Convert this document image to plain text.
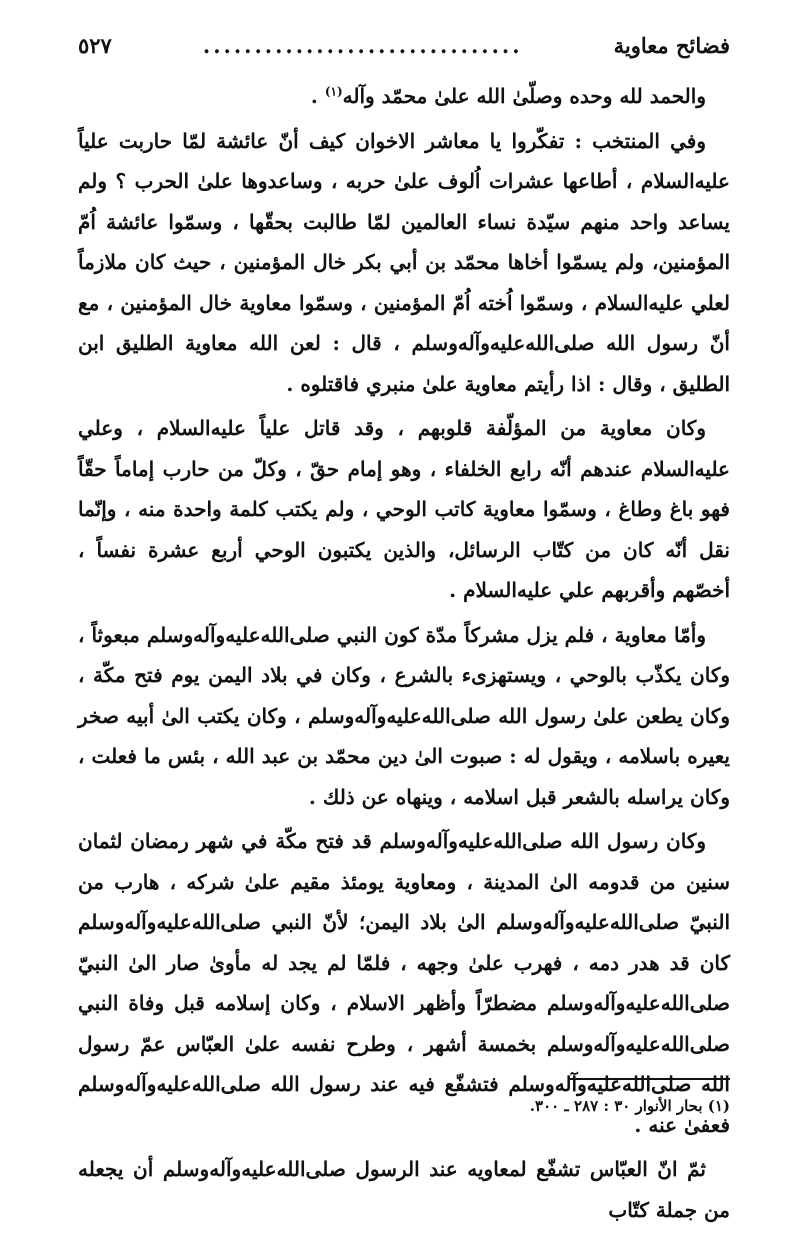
فضائح معاوية
...............................
٥٢٧

والحمد لله وحده وصلّىٰ الله علىٰ محمّد وآله$^{(١)}$ .

وفي المنتخب : تفكّروا يا معاشر الاخوان كيف أنّ عائشة لمّا حاربت علياً عليه‌السلام ، أطاعها عشرات اُلوف علىٰ حربه ، وساعدوها علىٰ الحرب ؟ ولم يساعد واحد منهم سيّدة نساء العالمين لمّا طالبت بحقّها ، وسمّوا عائشة اُمّ المؤمنين، ولم يسمّوا أخاها محمّد بن أبي بكر خال المؤمنين ، حيث كان ملازماً لعلي عليه‌السلام ، وسمّوا اُخته اُمّ المؤمنين ، وسمّوا معاوية خال المؤمنين ، مع أنّ رسول الله صلى‌الله‌عليه‌وآله‌وسلم ، قال : لعن الله معاوية الطليق ابن الطليق ، وقال : اذا رأيتم معاوية علىٰ منبري فاقتلوه .

وكان معاوية من المؤلّفة قلوبهم ، وقد قاتل علياً عليه‌السلام ، وعلي عليه‌السلام عندهم أنّه رابع الخلفاء ، وهو إمام حقّ ، وكلّ من حارب إماماً حقّاً فهو باغ وطاغ ، وسمّوا معاوية كاتب الوحي ، ولم يكتب كلمة واحدة منه ، وإنّما نقل أنّه كان من كتّاب الرسائل، والذين يكتبون الوحي أربع عشرة نفساً ، أخصّهم وأقربهم علي عليه‌السلام .

وأمّا معاوية ، فلم يزل مشركاً مدّة كون النبي صلى‌الله‌عليه‌وآله‌وسلم مبعوثاً ، وكان يكذّب بالوحي ، ويستهزىء بالشرع ، وكان في بلاد اليمن يوم فتح مكّة ، وكان يطعن علىٰ رسول الله صلى‌الله‌عليه‌وآله‌وسلم ، وكان يكتب الىٰ أبيه صخر يعيره باسلامه ، ويقول له : صبوت الىٰ دين محمّد بن عبد الله ، بئس ما فعلت ، وكان يراسله بالشعر قبل اسلامه ، وينهاه عن ذلك .

وكان رسول الله صلى‌الله‌عليه‌وآله‌وسلم قد فتح مكّة في شهر رمضان لثمان سنين من قدومه الىٰ المدينة ، ومعاوية يومئذ مقيم علىٰ شركه ، هارب من النبيّ صلى‌الله‌عليه‌وآله‌وسلم الىٰ بلاد اليمن؛ لأنّ النبي صلى‌الله‌عليه‌وآله‌وسلم كان قد هدر دمه ، فهرب علىٰ وجهه ، فلمّا لم يجد له مأوىٰ صار الىٰ النبيّ صلى‌الله‌عليه‌وآله‌وسلم مضطرّاً وأظهر الاسلام ، وكان إسلامه قبل وفاة النبي صلى‌الله‌عليه‌وآله‌وسلم بخمسة أشهر ، وطرح نفسه علىٰ العبّاس عمّ رسول الله صلى‌الله‌عليه‌وآله‌وسلم فتشفّع فيه عند رسول الله صلى‌الله‌عليه‌وآله‌وسلم فعفىٰ عنه .

ثمّ انّ العبّاس تشفّع لمعاويه عند الرسول صلى‌الله‌عليه‌وآله‌وسلم أن يجعله من جملة كتّاب

(١) بحار الأنوار ٣٠ : ٢٨٧ ـ ٣٠٠.
